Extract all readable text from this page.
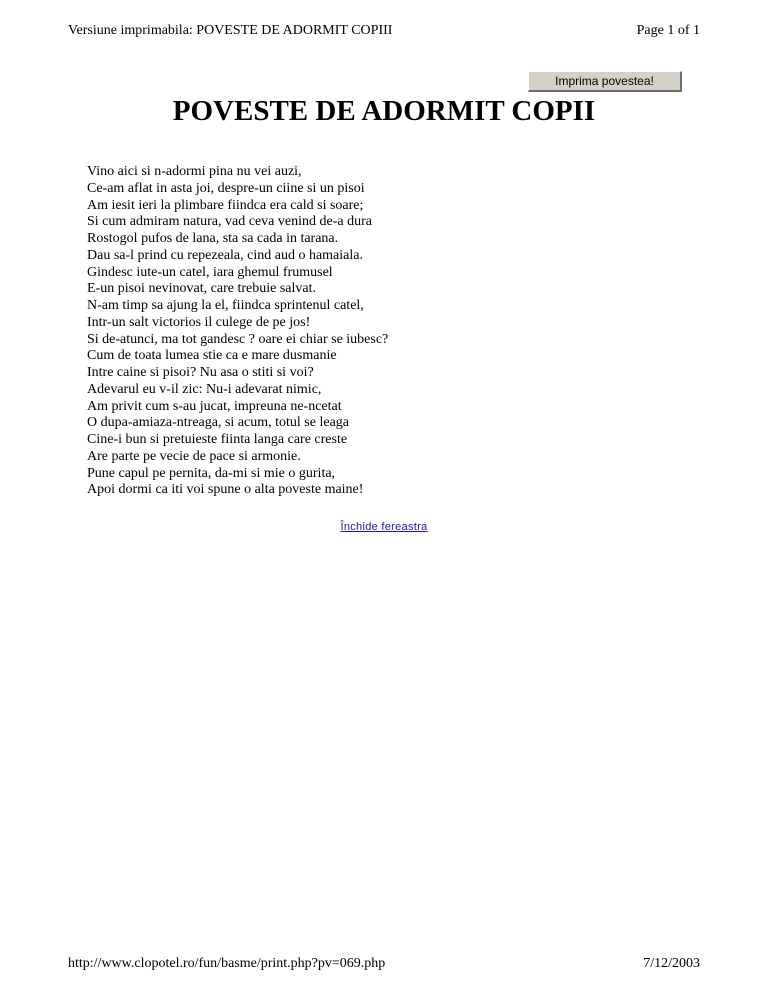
Versiune imprimabila: POVESTE DE ADORMIT COPIII	Page 1 of 1
Imprima povestea!
POVESTE DE ADORMIT COPII
Vino aici si n-adormi pina nu vei auzi,
Ce-am aflat in asta joi, despre-un ciine si un pisoi
Am iesit ieri la plimbare fiindca era cald si soare;
Si cum admiram natura, vad ceva venind de-a dura
Rostogol pufos de lana, sta sa cada in tarana.
Dau sa-l prind cu repezeala, cind aud o hamaiala.
Gindesc iute-un catel, iara ghemul frumusel
E-un pisoi nevinovat, care trebuie salvat.
N-am timp sa ajung la el, fiindca sprintenul catel,
Intr-un salt victorios il culege de pe jos!
Si de-atunci, ma tot gandesc ? oare ei chiar se iubesc?
Cum de toata lumea stie ca e mare dusmanie
Intre caine si pisoi? Nu asa o stiti si voi?
Adevarul eu v-il zic: Nu-i adevarat nimic,
Am privit cum s-au jucat, impreuna ne-ncetat
O dupa-amiaza-ntreaga, si acum, totul se leaga
Cine-i bun si pretuieste fiinta langa care creste
Are parte pe vecie de pace si armonie.
Pune capul pe pernita, da-mi si mie o gurita,
Apoi dormi ca iti voi spune o alta poveste maine!
Închide fereastra
http://www.clopotel.ro/fun/basme/print.php?pv=069.php	7/12/2003
